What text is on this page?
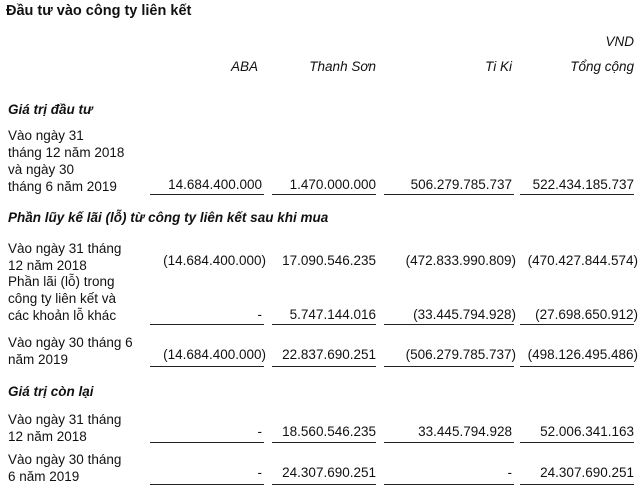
Đầu tư vào công ty liên kết
VND
ABA	Thanh Sơn	Ti Ki	Tổng cộng
Giá trị đầu tư
Vào ngày 31
tháng 12 năm 2018
và ngày 30
tháng 6 năm 2019	14.684.400.000 1.470.000.000	506.279.785.737 522.434.185.737
Phần lũy kế lãi (lỗ) từ công ty liên kết sau khi mua
Vào ngày 31 tháng
12 năm 2018	(14.684.400.000) 17.090.546.235 (472.833.990.809) (470.427.844.574)
Phần lãi (lỗ) trong
công ty liên kết và
các khoản lỗ khác	- 5.747.144.016	(33.445.794.928) (27.698.650.912)
Vào ngày 30 tháng 6
năm 2019	(14.684.400.000) 22.837.690.251 (506.279.785.737) (498.126.495.486)
Giá trị còn lại
Vào ngày 31 tháng
12 năm 2018	- 18.560.546.235	33.445.794.928 52.006.341.163
Vào ngày 30 tháng
6 năm 2019	- 24.307.690.251	- 24.307.690.251
